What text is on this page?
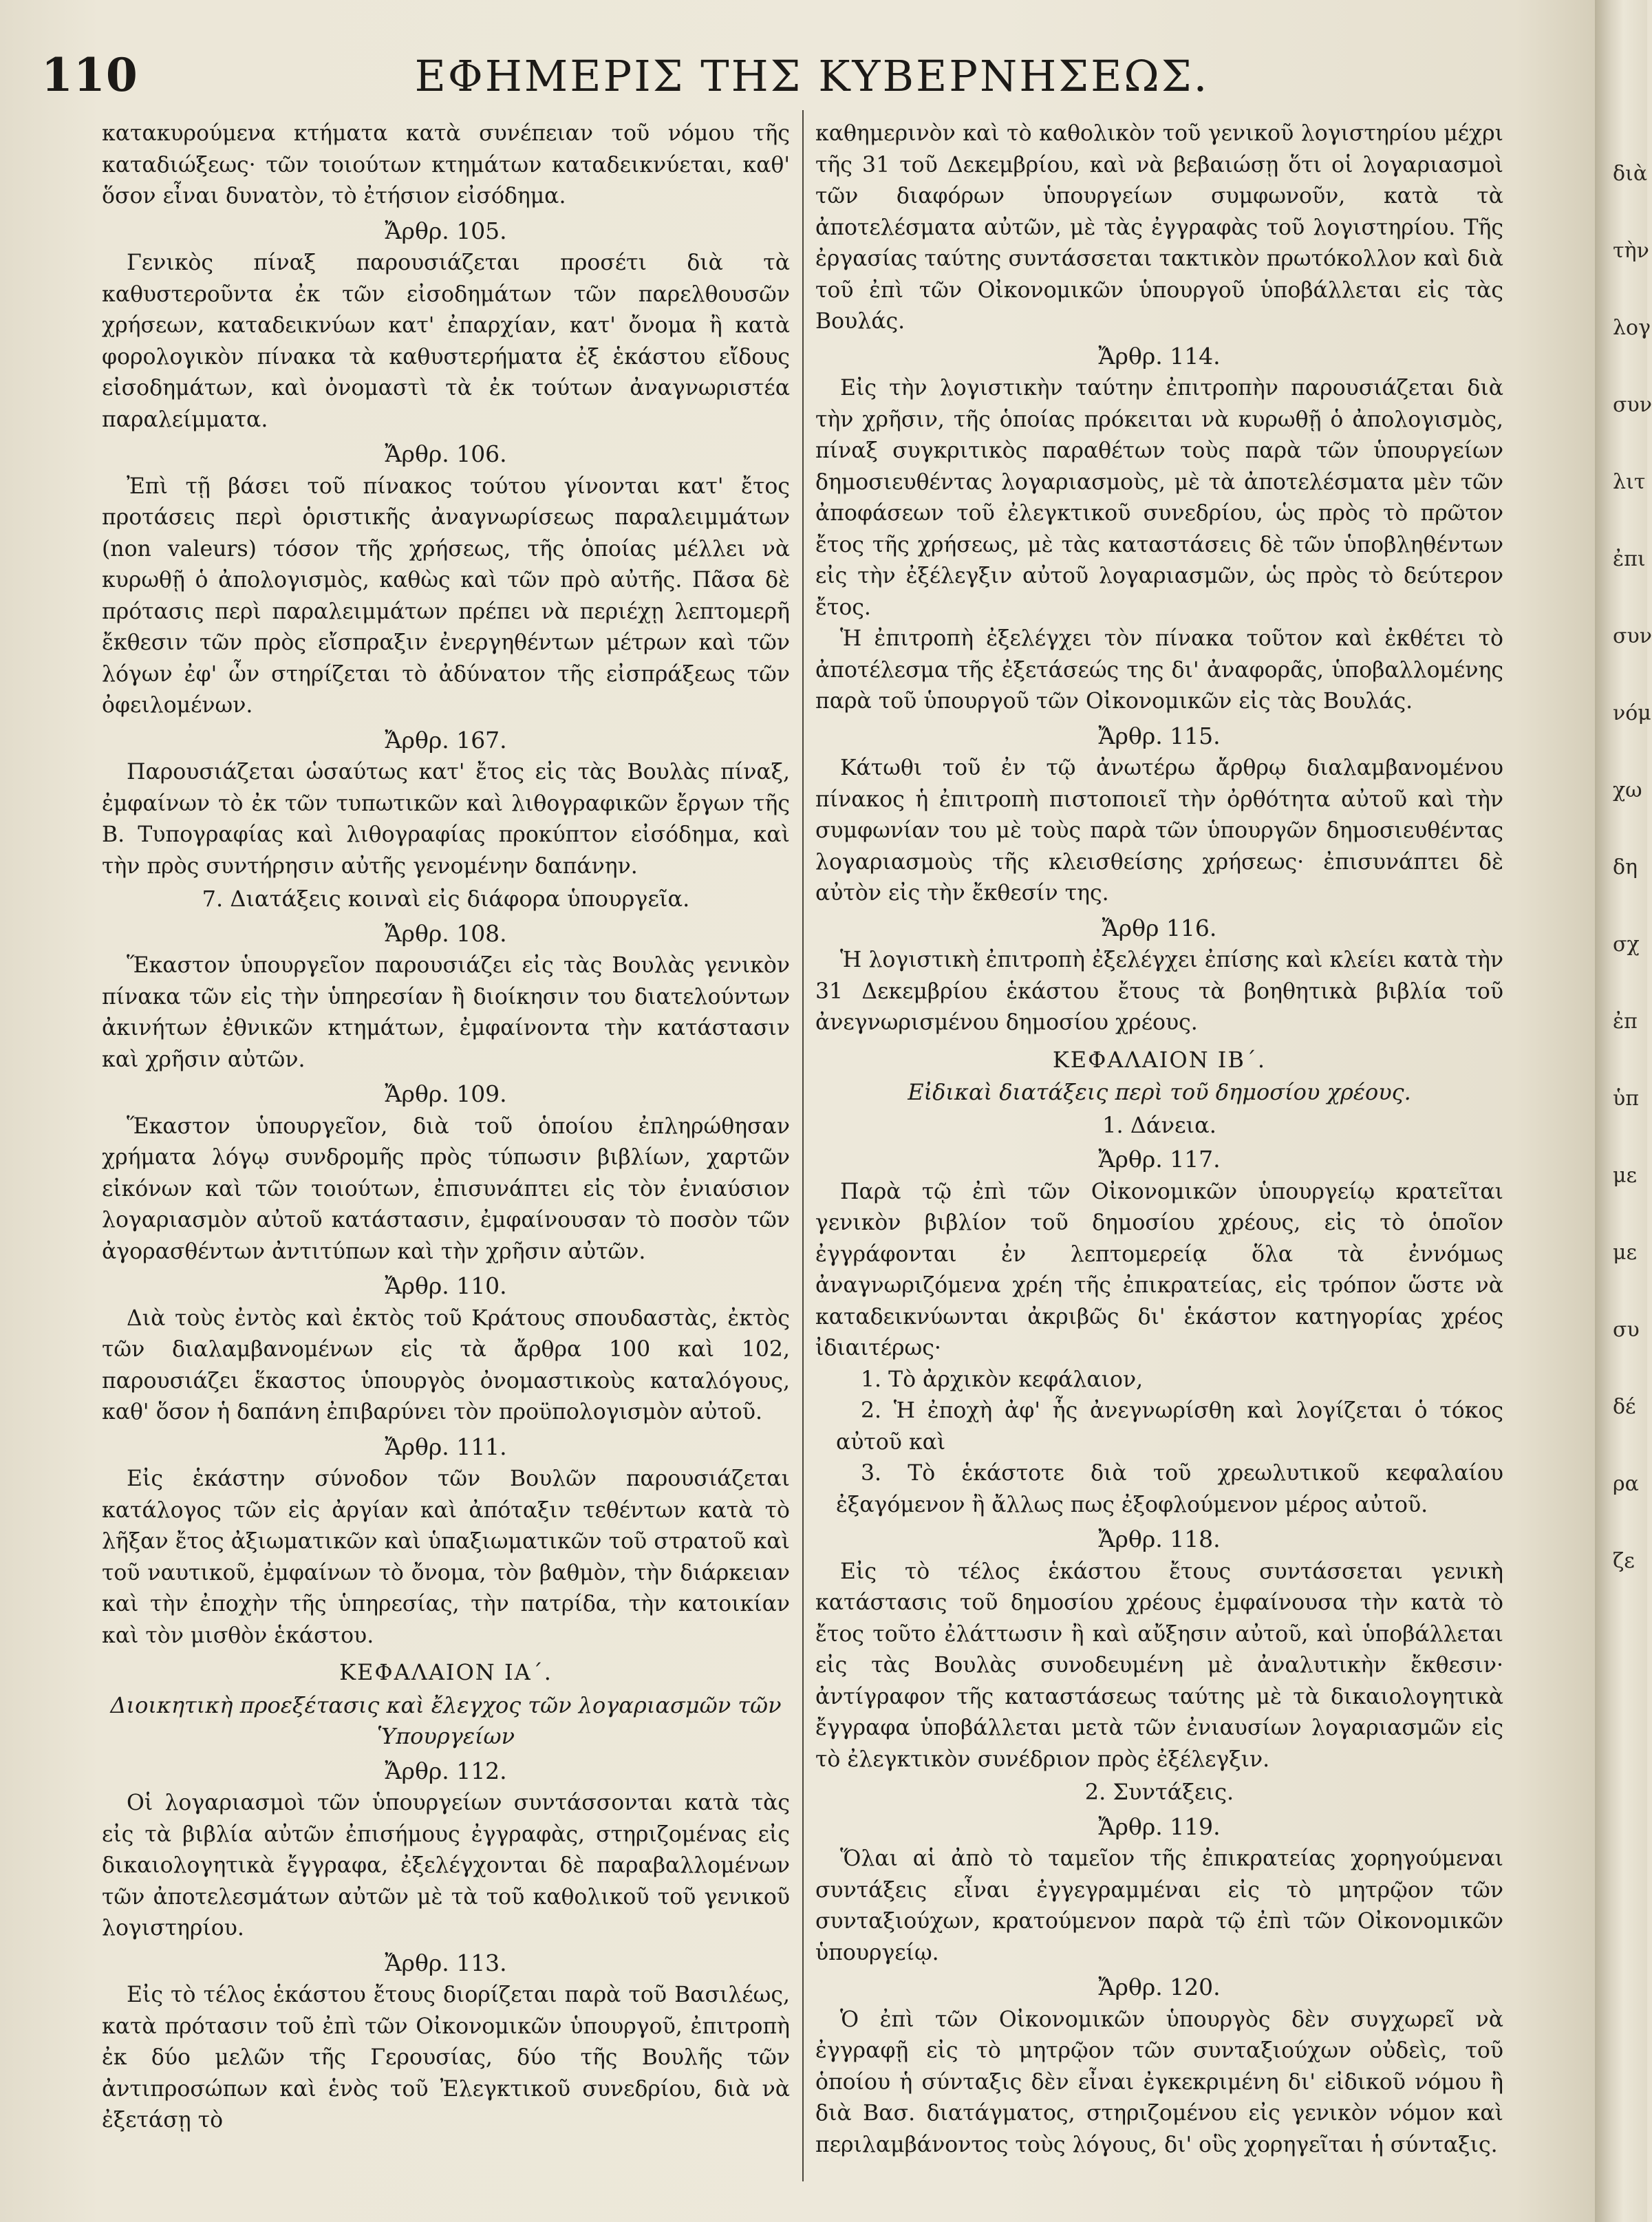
110	ΕΦΗΜΕΡΙΣ ΤΗΣ ΚΥΒΕΡΝΗΣΕΩΣ.

κατακυρούμενα κτήματα κατὰ συνέπειαν τοῦ νόμου τῆς καταδιώξεως· τῶν τοιούτων κτημάτων καταδεικνύεται, καθ' ὅσον εἶναι δυνατὸν, τὸ ἐτήσιον εἰσόδημα.

Ἄρθρ. 105.

Γενικὸς πίναξ παρουσιάζεται προσέτι διὰ τὰ καθυστεροῦντα ἐκ τῶν εἰσοδημάτων τῶν παρελθουσῶν χρήσεων, καταδεικνύων κατ' ἐπαρχίαν, κατ' ὄνομα ἢ κατὰ φορολογικὸν πίνακα τὰ καθυστερήματα ἐξ ἑκάστου εἴδους εἰσοδημάτων, καὶ ὀνομαστὶ τὰ ἐκ τούτων ἀναγνωριστέα παραλείμματα.

Ἄρθρ. 106.

Ἐπὶ τῇ βάσει τοῦ πίνακος τούτου γίνονται κατ' ἔτος προτάσεις περὶ ὁριστικῆς ἀναγνωρίσεως παραλειμμάτων (non valeurs) τόσον τῆς χρήσεως, τῆς ὁποίας μέλλει νὰ κυρωθῇ ὁ ἀπολογισμὸς, καθὼς καὶ τῶν πρὸ αὐτῆς. Πᾶσα δὲ πρότασις περὶ παραλειμμάτων πρέπει νὰ περιέχῃ λεπτομερῆ ἔκθεσιν τῶν πρὸς εἴσπραξιν ἐνεργηθέντων μέτρων καὶ τῶν λόγων ἐφ' ὧν στηρίζεται τὸ ἀδύνατον τῆς εἰσπράξεως τῶν ὀφειλομένων.

Ἄρθρ. 167.

Παρουσιάζεται ὡσαύτως κατ' ἔτος εἰς τὰς Βουλὰς πίναξ, ἐμφαίνων τὸ ἐκ τῶν τυπωτικῶν καὶ λιθογραφικῶν ἔργων τῆς Β. Τυπογραφίας καὶ λιθογραφίας προκύπτον εἰσόδημα, καὶ τὴν πρὸς συντήρησιν αὐτῆς γενομένην δαπάνην.

7. Διατάξεις κοιναὶ εἰς διάφορα ὑπουργεῖα.
Ἄρθρ. 108.

Ἕκαστον ὑπουργεῖον παρουσιάζει εἰς τὰς Βουλὰς γενικὸν πίνακα τῶν εἰς τὴν ὑπηρεσίαν ἢ διοίκησιν του διατελούντων ἀκινήτων ἐθνικῶν κτημάτων, ἐμφαίνοντα τὴν κατάστασιν καὶ χρῆσιν αὐτῶν.

Ἄρθρ. 109.

Ἕκαστον ὑπουργεῖον, διὰ τοῦ ὁποίου ἐπληρώθησαν χρήματα λόγῳ συνδρομῆς πρὸς τύπωσιν βιβλίων, χαρτῶν εἰκόνων καὶ τῶν τοιούτων, ἐπισυνάπτει εἰς τὸν ἐνιαύσιον λογαριασμὸν αὐτοῦ κατάστασιν, ἐμφαίνουσαν τὸ ποσὸν τῶν ἀγορασθέντων ἀντιτύπων καὶ τὴν χρῆσιν αὐτῶν.

Ἄρθρ. 110.

Διὰ τοὺς ἐντὸς καὶ ἐκτὸς τοῦ Κράτους σπουδαστὰς, ἐκτὸς τῶν διαλαμβανομένων εἰς τὰ ἄρθρα 100 καὶ 102, παρουσιάζει ἕκαστος ὑπουργὸς ὀνομαστικοὺς καταλόγους, καθ' ὅσον ἡ δαπάνη ἐπιβαρύνει τὸν προϋπολογισμὸν αὐτοῦ.

Ἄρθρ. 111.

Εἰς ἑκάστην σύνοδον τῶν Βουλῶν παρουσιάζεται κατάλογος τῶν εἰς ἀργίαν καὶ ἀπόταξιν τεθέντων κατὰ τὸ λῆξαν ἔτος ἀξιωματικῶν καὶ ὑπαξιωματικῶν τοῦ στρατοῦ καὶ τοῦ ναυτικοῦ, ἐμφαίνων τὸ ὄνομα, τὸν βαθμὸν, τὴν διάρκειαν καὶ τὴν ἐποχὴν τῆς ὑπηρεσίας, τὴν πατρίδα, τὴν κατοικίαν καὶ τὸν μισθὸν ἑκάστου.

ΚΕΦΑΛΑΙΟΝ ΙΑ΄.
Διοικητικὴ προεξέτασις καὶ ἔλεγχος τῶν λογαριασμῶν τῶν Ὑπουργείων
Ἄρθρ. 112.

Οἱ λογαριασμοὶ τῶν ὑπουργείων συντάσσονται κατὰ τὰς εἰς τὰ βιβλία αὐτῶν ἐπισήμους ἐγγραφὰς, στηριζομένας εἰς δικαιολογητικὰ ἔγγραφα, ἐξελέγχονται δὲ παραβαλλομένων τῶν ἀποτελεσμάτων αὐτῶν μὲ τὰ τοῦ καθολικοῦ τοῦ γενικοῦ λογιστηρίου.

Ἄρθρ. 113.

Εἰς τὸ τέλος ἑκάστου ἔτους διορίζεται παρὰ τοῦ Βασιλέως, κατὰ πρότασιν τοῦ ἐπὶ τῶν Οἰκονομικῶν ὑπουργοῦ, ἐπιτροπὴ ἐκ δύο μελῶν τῆς Γερουσίας, δύο τῆς Βουλῆς τῶν ἀντιπροσώπων καὶ ἑνὸς τοῦ Ἐλεγκτικοῦ συνεδρίου, διὰ νὰ ἐξετάσῃ τὸ

καθημερινὸν καὶ τὸ καθολικὸν τοῦ γενικοῦ λογιστηρίου μέχρι τῆς 31 τοῦ Δεκεμβρίου, καὶ νὰ βεβαιώσῃ ὅτι οἱ λογαριασμοὶ τῶν διαφόρων ὑπουργείων συμφωνοῦν, κατὰ τὰ ἀποτελέσματα αὐτῶν, μὲ τὰς ἐγγραφὰς τοῦ λογιστηρίου. Τῆς ἐργασίας ταύτης συντάσσεται τακτικὸν πρωτόκολλον καὶ διὰ τοῦ ἐπὶ τῶν Οἰκονομικῶν ὑπουργοῦ ὑποβάλλεται εἰς τὰς Βουλάς.

Ἄρθρ. 114.

Εἰς τὴν λογιστικὴν ταύτην ἐπιτροπὴν παρουσιάζεται διὰ τὴν χρῆσιν, τῆς ὁποίας πρόκειται νὰ κυρωθῇ ὁ ἀπολογισμὸς, πίναξ συγκριτικὸς παραθέτων τοὺς παρὰ τῶν ὑπουργείων δημοσιευθέντας λογαριασμοὺς, μὲ τὰ ἀποτελέσματα μὲν τῶν ἀποφάσεων τοῦ ἐλεγκτικοῦ συνεδρίου, ὡς πρὸς τὸ πρῶτον ἔτος τῆς χρήσεως, μὲ τὰς καταστάσεις δὲ τῶν ὑποβληθέντων εἰς τὴν ἐξέλεγξιν αὐτοῦ λογαριασμῶν, ὡς πρὸς τὸ δεύτερον ἔτος.

Ἡ ἐπιτροπὴ ἐξελέγχει τὸν πίνακα τοῦτον καὶ ἐκθέτει τὸ ἀποτέλεσμα τῆς ἐξετάσεώς της δι' ἀναφορᾶς, ὑποβαλλομένης παρὰ τοῦ ὑπουργοῦ τῶν Οἰκονομικῶν εἰς τὰς Βουλάς.

Ἄρθρ. 115.

Κάτωθι τοῦ ἐν τῷ ἀνωτέρω ἄρθρῳ διαλαμβανομένου πίνακος ἡ ἐπιτροπὴ πιστοποιεῖ τὴν ὀρθότητα αὐτοῦ καὶ τὴν συμφωνίαν του μὲ τοὺς παρὰ τῶν ὑπουργῶν δημοσιευθέντας λογαριασμοὺς τῆς κλεισθείσης χρήσεως· ἐπισυνάπτει δὲ αὐτὸν εἰς τὴν ἔκθεσίν της.

Ἄρθρ 116.

Ἡ λογιστικὴ ἐπιτροπὴ ἐξελέγχει ἐπίσης καὶ κλείει κατὰ τὴν 31 Δεκεμβρίου ἑκάστου ἔτους τὰ βοηθητικὰ βιβλία τοῦ ἀνεγνωρισμένου δημοσίου χρέους.

ΚΕΦΑΛΑΙΟΝ ΙΒ΄.
Εἰδικαὶ διατάξεις περὶ τοῦ δημοσίου χρέους.
1. Δάνεια.
Ἄρθρ. 117.

Παρὰ τῷ ἐπὶ τῶν Οἰκονομικῶν ὑπουργείῳ κρατεῖται γενικὸν βιβλίον τοῦ δημοσίου χρέους, εἰς τὸ ὁποῖον ἐγγράφονται ἐν λεπτομερείᾳ ὅλα τὰ ἐννόμως ἀναγνωριζόμενα χρέη τῆς ἐπικρατείας, εἰς τρόπον ὥστε νὰ καταδεικνύωνται ἀκριβῶς δι' ἑκάστον κατηγορίας χρέος ἰδιαιτέρως·

1. Τὸ ἀρχικὸν κεφάλαιον,

2. Ἡ ἐποχὴ ἀφ' ἧς ἀνεγνωρίσθη καὶ λογίζεται ὁ τόκος αὐτοῦ καὶ

3. Τὸ ἑκάστοτε διὰ τοῦ χρεωλυτικοῦ κεφαλαίου ἐξαγόμενον ἢ ἄλλως πως ἐξοφλούμενον μέρος αὐτοῦ.

Ἄρθρ. 118.

Εἰς τὸ τέλος ἑκάστου ἔτους συντάσσεται γενικὴ κατάστασις τοῦ δημοσίου χρέους ἐμφαίνουσα τὴν κατὰ τὸ ἔτος τοῦτο ἐλάττωσιν ἢ καὶ αὔξησιν αὐτοῦ, καὶ ὑποβάλλεται εἰς τὰς Βουλὰς συνοδευμένη μὲ ἀναλυτικὴν ἔκθεσιν· ἀντίγραφον τῆς καταστάσεως ταύτης μὲ τὰ δικαιολογητικὰ ἔγγραφα ὑποβάλλεται μετὰ τῶν ἐνιαυσίων λογαριασμῶν εἰς τὸ ἐλεγκτικὸν συνέδριον πρὸς ἐξέλεγξιν.

2. Συντάξεις.
Ἄρθρ. 119.

Ὅλαι αἱ ἀπὸ τὸ ταμεῖον τῆς ἐπικρατείας χορηγούμεναι συντάξεις εἶναι ἐγγεγραμμέναι εἰς τὸ μητρῷον τῶν συνταξιούχων, κρατούμενον παρὰ τῷ ἐπὶ τῶν Οἰκονομικῶν ὑπουργείῳ.

Ἄρθρ. 120.

Ὁ ἐπὶ τῶν Οἰκονομικῶν ὑπουργὸς δὲν συγχωρεῖ νὰ ἐγγραφῇ εἰς τὸ μητρῷον τῶν συνταξιούχων οὐδεὶς, τοῦ ὁποίου ἡ σύνταξις δὲν εἶναι ἐγκεκριμένη δι' εἰδικοῦ νόμου ἢ διὰ Βασ. διατάγματος, στηριζομένου εἰς γενικὸν νόμον καὶ περιλαμβάνοντος τοὺς λόγους, δι' οὓς χορηγεῖται ἡ σύνταξις.

διὰ
τὴν
λογ
συν
λιτ
ἐπι
συν
νόμ
χω
δη
σχ
ἐπ
ὑπ
με
με
συ
δέ
ρα
ζε
